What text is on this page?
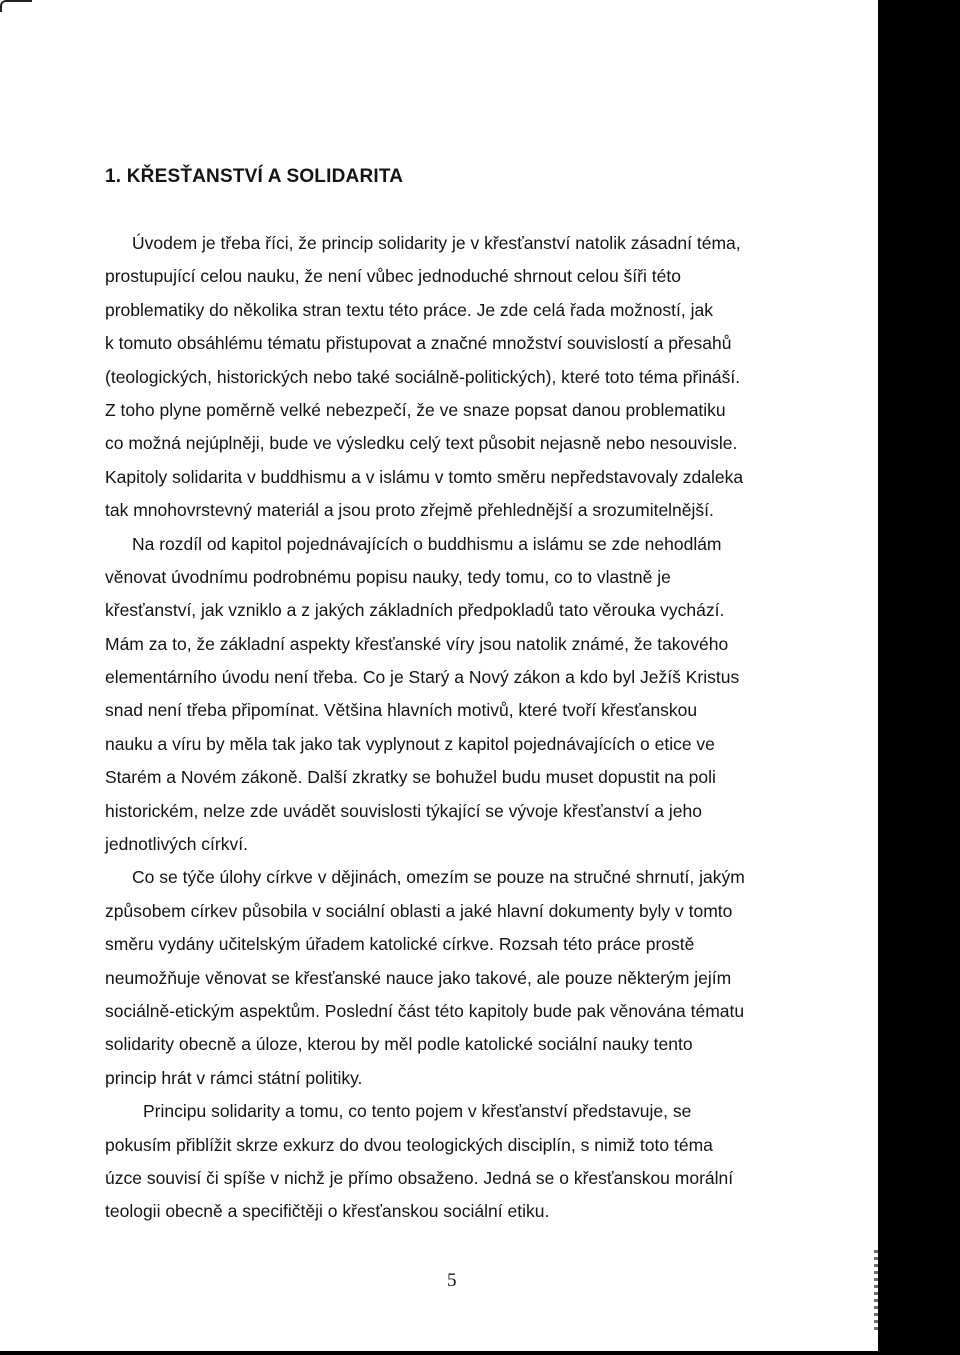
1. KŘESŤANSTVÍ A SOLIDARITA
Úvodem je třeba říci, že princip solidarity je v křesťanství natolik zásadní téma,
prostupující celou nauku, že není vůbec jednoduché shrnout celou šíři této
problematiky do několika stran textu této práce. Je zde celá řada možností, jak
k tomuto obsáhlému tématu přistupovat a značné množství souvislostí a přesahů
(teologických, historických nebo také sociálně-politických), které toto téma přináší.
Z toho plyne poměrně velké nebezpečí, že ve snaze popsat danou problematiku
co možná nejúplněji, bude ve výsledku celý text působit nejasně nebo nesouvisle.
Kapitoly solidarita v buddhismu a v islámu v tomto směru nepředstavovaly zdaleka
tak mnohovrstevný materiál a jsou proto zřejmě přehlednější a srozumitelnější.
Na rozdíl od kapitol pojednávajících o buddhismu a islámu se zde nehodlám
věnovat úvodnímu podrobnému popisu nauky, tedy tomu, co to vlastně je
křesťanství, jak vzniklo a z jakých základních předpokladů tato věrouka vychází.
Mám za to, že základní aspekty křesťanské víry jsou natolik známé, že takového
elementárního úvodu není třeba. Co je Starý a Nový zákon a kdo byl Ježíš Kristus
snad není třeba připomínat. Většina hlavních motivů, které tvoří křesťanskou
nauku a víru by měla tak jako tak vyplynout z kapitol pojednávajících o etice ve
Starém a Novém zákoně. Další zkratky se bohužel budu muset dopustit na poli
historickém, nelze zde uvádět souvislosti týkající se vývoje křesťanství a jeho
jednotlivých církví.
Co se týče úlohy církve v dějinách, omezím se pouze na stručné shrnutí, jakým
způsobem církev působila v sociální oblasti a jaké hlavní dokumenty byly v tomto
směru vydány učitelským úřadem katolické církve. Rozsah této práce prostě
neumožňuje věnovat se křesťanské nauce jako takové, ale pouze některým jejím
sociálně-etickým aspektům. Poslední část této kapitoly bude pak věnována tématu
solidarity obecně a úloze, kterou by měl podle katolické sociální nauky tento
princip hrát v rámci státní politiky.
Principu solidarity a tomu, co tento pojem v křesťanství představuje, se
pokusím přiblížit skrze exkurz do dvou teologických disciplín, s nimiž toto téma
úzce souvisí či spíše v nichž je přímo obsaženo. Jedná se o křesťanskou morální
teologii obecně a specifičtěji o křesťanskou sociální etiku.
5
